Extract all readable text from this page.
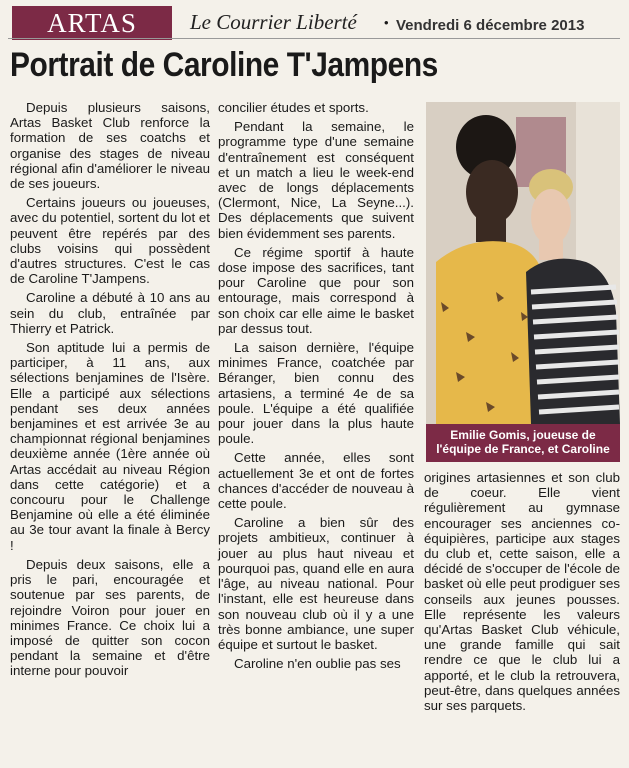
ARTAS	Le Courrier Liberté • Vendredi 6 décembre 2013
Portrait de Caroline T'Jampens

Depuis plusieurs saisons, Artas Basket Club renforce la formation de ses coatchs et organise des stages de niveau régional afin d'améliorer le niveau de ses joueurs.

Certains joueurs ou joueuses, avec du potentiel, sortent du lot et peuvent être repérés par des clubs voisins qui possèdent d'autres structures. C'est le cas de Caroline T'Jampens.

Caroline a débuté à 10 ans au sein du club, entraînée par Thierry et Patrick.

Son aptitude lui a permis de participer, à 11 ans, aux sélections benjamines de l'Isère. Elle a participé aux sélections pendant ses deux années benjamines et est arrivée 3e au championnat régional benjamines deuxième année (1ère année où Artas accédait au niveau Région dans cette catégorie) et a concouru pour le Challenge Benjamine où elle a été éliminée au 3e tour avant la finale à Bercy !

Depuis deux saisons, elle a pris le pari, encouragée et soutenue par ses parents, de rejoindre Voiron pour jouer en minimes France. Ce choix lui a imposé de quitter son cocon pendant la semaine et d'être interne pour pouvoir

concilier études et sports.

Pendant la semaine, le programme type d'une semaine d'entraînement est conséquent et un match a lieu le week-end avec de longs déplacements (Clermont, Nice, La Seyne...). Des déplacements que suivent bien évidemment ses parents.

Ce régime sportif à haute dose impose des sacrifices, tant pour Caroline que pour son entourage, mais correspond à son choix car elle aime le basket par dessus tout.

La saison dernière, l'équipe minimes France, coatchée par Béranger, bien connu des artasiens, a terminé 4e de sa poule. L'équipe a été qualifiée pour jouer dans la plus haute poule.

Cette année, elles sont actuellement 3e et ont de fortes chances d'accéder de nouveau à cette poule.

Caroline a bien sûr des projets ambitieux, continuer à jouer au plus haut niveau et pourquoi pas, quand elle en aura l'âge, au niveau national. Pour l'instant, elle est heureuse dans son nouveau club où il y a une très bonne ambiance, une super équipe et surtout le basket.

Caroline n'en oublie pas ses

Emilie Gomis, joueuse de l'équipe de France, et Caroline

origines artasiennes et son club de coeur. Elle vient régulièrement au gymnase encourager ses anciennes co-équipières, participe aux stages du club et, cette saison, elle a décidé de s'occuper de l'école de basket où elle peut prodiguer ses conseils aux jeunes pousses. Elle représente les valeurs qu'Artas Basket Club véhicule, une grande famille qui sait rendre ce que le club lui a apporté, et le club la retrouvera, peut-être, dans quelques années sur ses parquets.
